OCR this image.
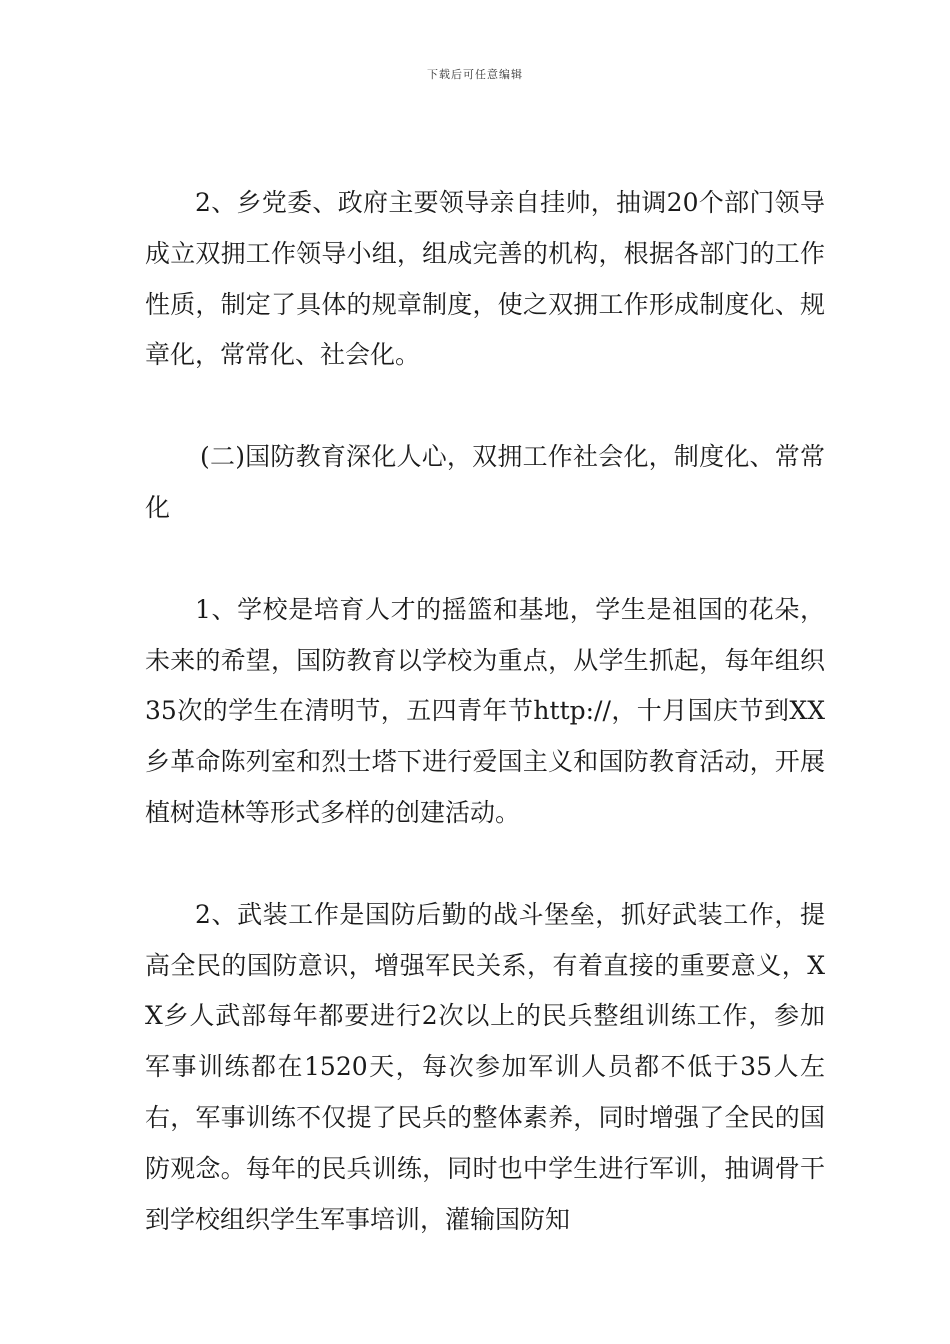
下载后可任意编辑

2、乡党委、政府主要领导亲自挂帅，抽调20个部门领导成立双拥工作领导小组，组成完善的机构，根据各部门的工作性质，制定了具体的规章制度，使之双拥工作形成制度化、规章化，常常化、社会化。

(二)国防教育深化人心，双拥工作社会化，制度化、常常化

1、学校是培育人才的摇篮和基地，学生是祖国的花朵，未来的希望，国防教育以学校为重点，从学生抓起，每年组织35次的学生在清明节，五四青年节http://，十月国庆节到XX乡革命陈列室和烈士塔下进行爱国主义和国防教育活动，开展植树造林等形式多样的创建活动。

2、武装工作是国防后勤的战斗堡垒，抓好武装工作，提高全民的国防意识，增强军民关系，有着直接的重要意义，XX乡人武部每年都要进行2次以上的民兵整组训练工作，参加军事训练都在1520天，每次参加军训人员都不低于35人左右，军事训练不仅提了民兵的整体素养，同时增强了全民的国防观念。每年的民兵训练，同时也中学生进行军训，抽调骨干到学校组织学生军事培训，灌输国防知
